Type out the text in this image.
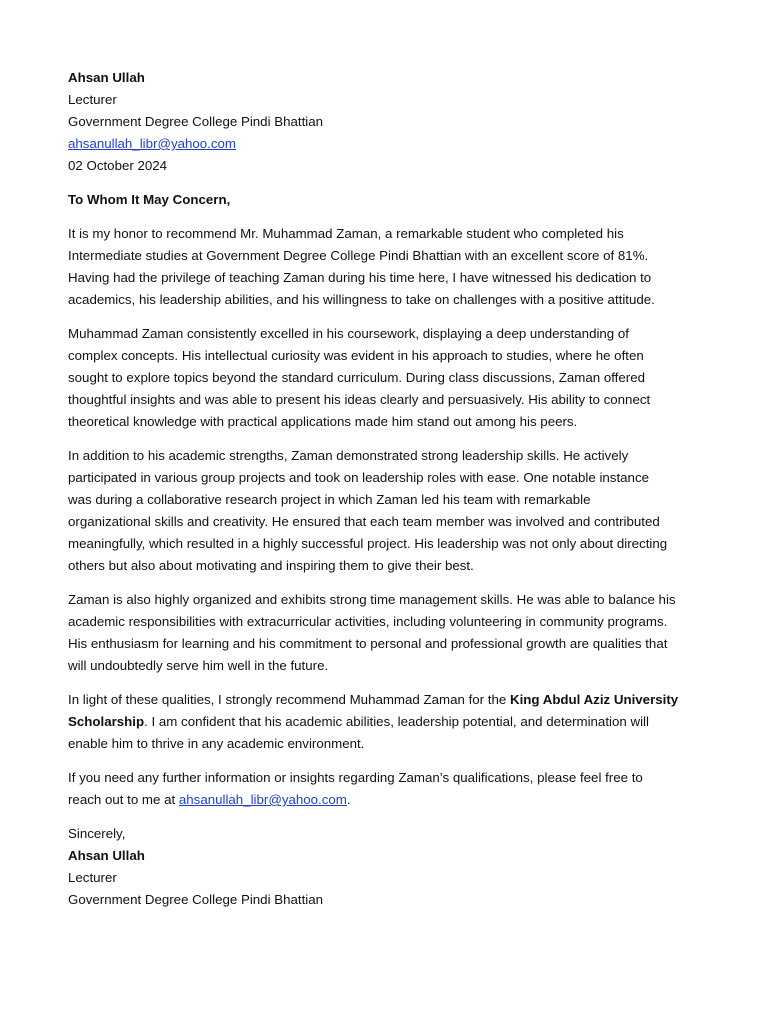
Ahsan Ullah
Lecturer
Government Degree College Pindi Bhattian
ahsanullah_libr@yahoo.com
02 October 2024
To Whom It May Concern,
It is my honor to recommend Mr. Muhammad Zaman, a remarkable student who completed his
Intermediate studies at Government Degree College Pindi Bhattian with an excellent score of 81%.
Having had the privilege of teaching Zaman during his time here, I have witnessed his dedication to
academics, his leadership abilities, and his willingness to take on challenges with a positive attitude.
Muhammad Zaman consistently excelled in his coursework, displaying a deep understanding of
complex concepts. His intellectual curiosity was evident in his approach to studies, where he often
sought to explore topics beyond the standard curriculum. During class discussions, Zaman offered
thoughtful insights and was able to present his ideas clearly and persuasively. His ability to connect
theoretical knowledge with practical applications made him stand out among his peers.
In addition to his academic strengths, Zaman demonstrated strong leadership skills. He actively
participated in various group projects and took on leadership roles with ease. One notable instance
was during a collaborative research project in which Zaman led his team with remarkable
organizational skills and creativity. He ensured that each team member was involved and contributed
meaningfully, which resulted in a highly successful project. His leadership was not only about directing
others but also about motivating and inspiring them to give their best.
Zaman is also highly organized and exhibits strong time management skills. He was able to balance his
academic responsibilities with extracurricular activities, including volunteering in community programs.
His enthusiasm for learning and his commitment to personal and professional growth are qualities that
will undoubtedly serve him well in the future.
In light of these qualities, I strongly recommend Muhammad Zaman for the King Abdul Aziz University
Scholarship. I am confident that his academic abilities, leadership potential, and determination will
enable him to thrive in any academic environment.
If you need any further information or insights regarding Zaman’s qualifications, please feel free to
reach out to me at ahsanullah_libr@yahoo.com.
Sincerely,
Ahsan Ullah
Lecturer
Government Degree College Pindi Bhattian
